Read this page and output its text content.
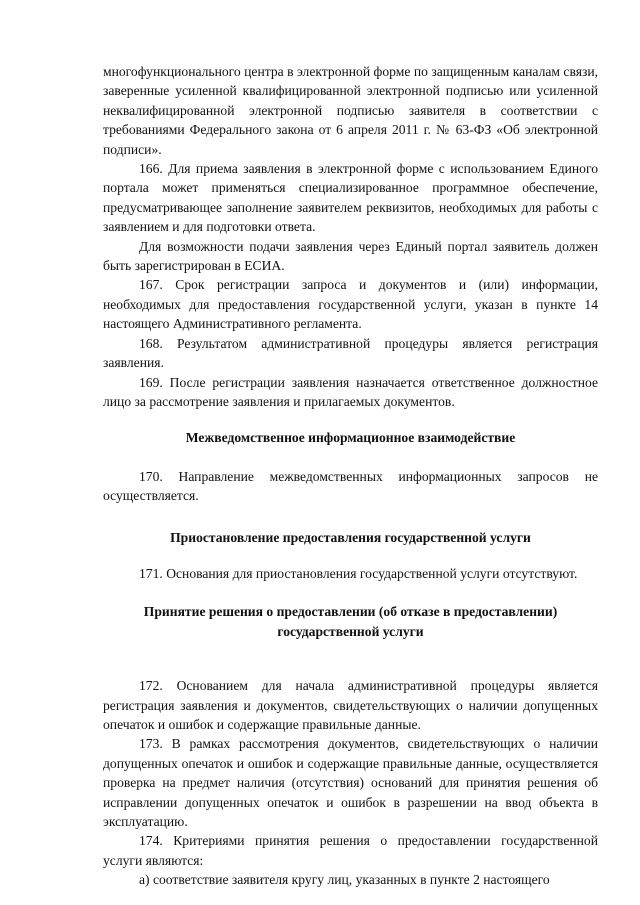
многофункционального центра в электронной форме по защищенным каналам связи, заверенные усиленной квалифицированной электронной подписью или усиленной неквалифицированной электронной подписью заявителя в соответствии с требованиями Федерального закона от 6 апреля 2011 г. № 63-ФЗ «Об электронной подписи».

166. Для приема заявления в электронной форме с использованием Единого портала может применяться специализированное программное обеспечение, предусматривающее заполнение заявителем реквизитов, необходимых для работы с заявлением и для подготовки ответа.

Для возможности подачи заявления через Единый портал заявитель должен быть зарегистрирован в ЕСИА.

167. Срок регистрации запроса и документов и (или) информации, необходимых для предоставления государственной услуги, указан в пункте 14 настоящего Административного регламента.

168. Результатом административной процедуры является регистрация заявления.

169. После регистрации заявления назначается ответственное должностное лицо за рассмотрение заявления и прилагаемых документов.

Межведомственное информационное взаимодействие

170. Направление межведомственных информационных запросов не осуществляется.

Приостановление предоставления государственной услуги

171. Основания для приостановления государственной услуги отсутствуют.

Принятие решения о предоставлении (об отказе в предоставлении)

государственной услуги

172. Основанием для начала административной процедуры является регистрация заявления и документов, свидетельствующих о наличии допущенных опечаток и ошибок и содержащие правильные данные.

173. В рамках рассмотрения документов, свидетельствующих о наличии допущенных опечаток и ошибок и содержащие правильные данные, осуществляется проверка на предмет наличия (отсутствия) оснований для принятия решения об исправлении допущенных опечаток и ошибок в разрешении на ввод объекта в эксплуатацию.

174. Критериями принятия решения о предоставлении государственной услуги являются:

а) соответствие заявителя кругу лиц, указанных в пункте 2 настоящего
